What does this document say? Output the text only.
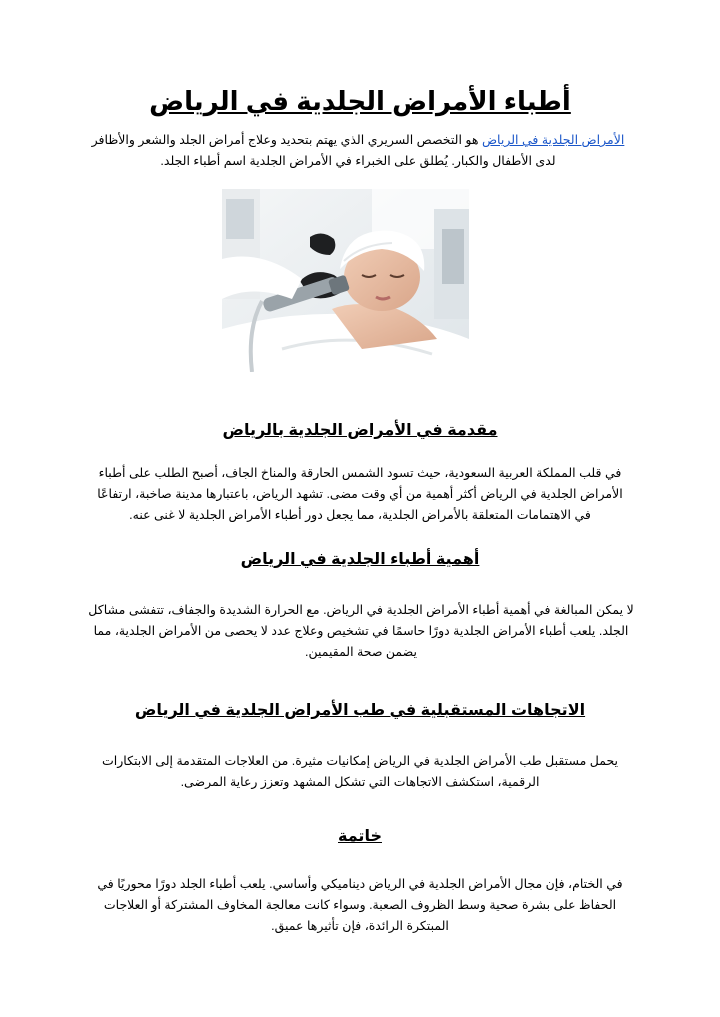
أطباء الأمراض الجلدية في الرياض

الأمراض الجلدية في الرياض هو التخصص السريري الذي يهتم بتحديد وعلاج أمراض الجلد والشعر والأظافر لدى الأطفال والكبار. يُطلق على الخبراء في الأمراض الجلدية اسم أطباء الجلد.

مقدمة في الأمراض الجلدية بالرياض

في قلب المملكة العربية السعودية، حيث تسود الشمس الحارقة والمناخ الجاف، أصبح الطلب على أطباء الأمراض الجلدية في الرياض أكثر أهمية من أي وقت مضى. تشهد الرياض، باعتبارها مدينة صاخبة، ارتفاعًا في الاهتمامات المتعلقة بالأمراض الجلدية، مما يجعل دور أطباء الأمراض الجلدية لا غنى عنه.

أهمية أطباء الجلدية في الرياض

لا يمكن المبالغة في أهمية أطباء الأمراض الجلدية في الرياض. مع الحرارة الشديدة والجفاف، تتفشى مشاكل الجلد. يلعب أطباء الأمراض الجلدية دورًا حاسمًا في تشخيص وعلاج عدد لا يحصى من الأمراض الجلدية، مما يضمن صحة المقيمين.

الاتجاهات المستقبلية في طب الأمراض الجلدية في الرياض

يحمل مستقبل طب الأمراض الجلدية في الرياض إمكانيات مثيرة. من العلاجات المتقدمة إلى الابتكارات الرقمية، استكشف الاتجاهات التي تشكل المشهد وتعزز رعاية المرضى.

خاتمة

في الختام، فإن مجال الأمراض الجلدية في الرياض ديناميكي وأساسي. يلعب أطباء الجلد دورًا محوريًا في الحفاظ على بشرة صحية وسط الظروف الصعبة. وسواء كانت معالجة المخاوف المشتركة أو العلاجات المبتكرة الرائدة، فإن تأثيرها عميق.
